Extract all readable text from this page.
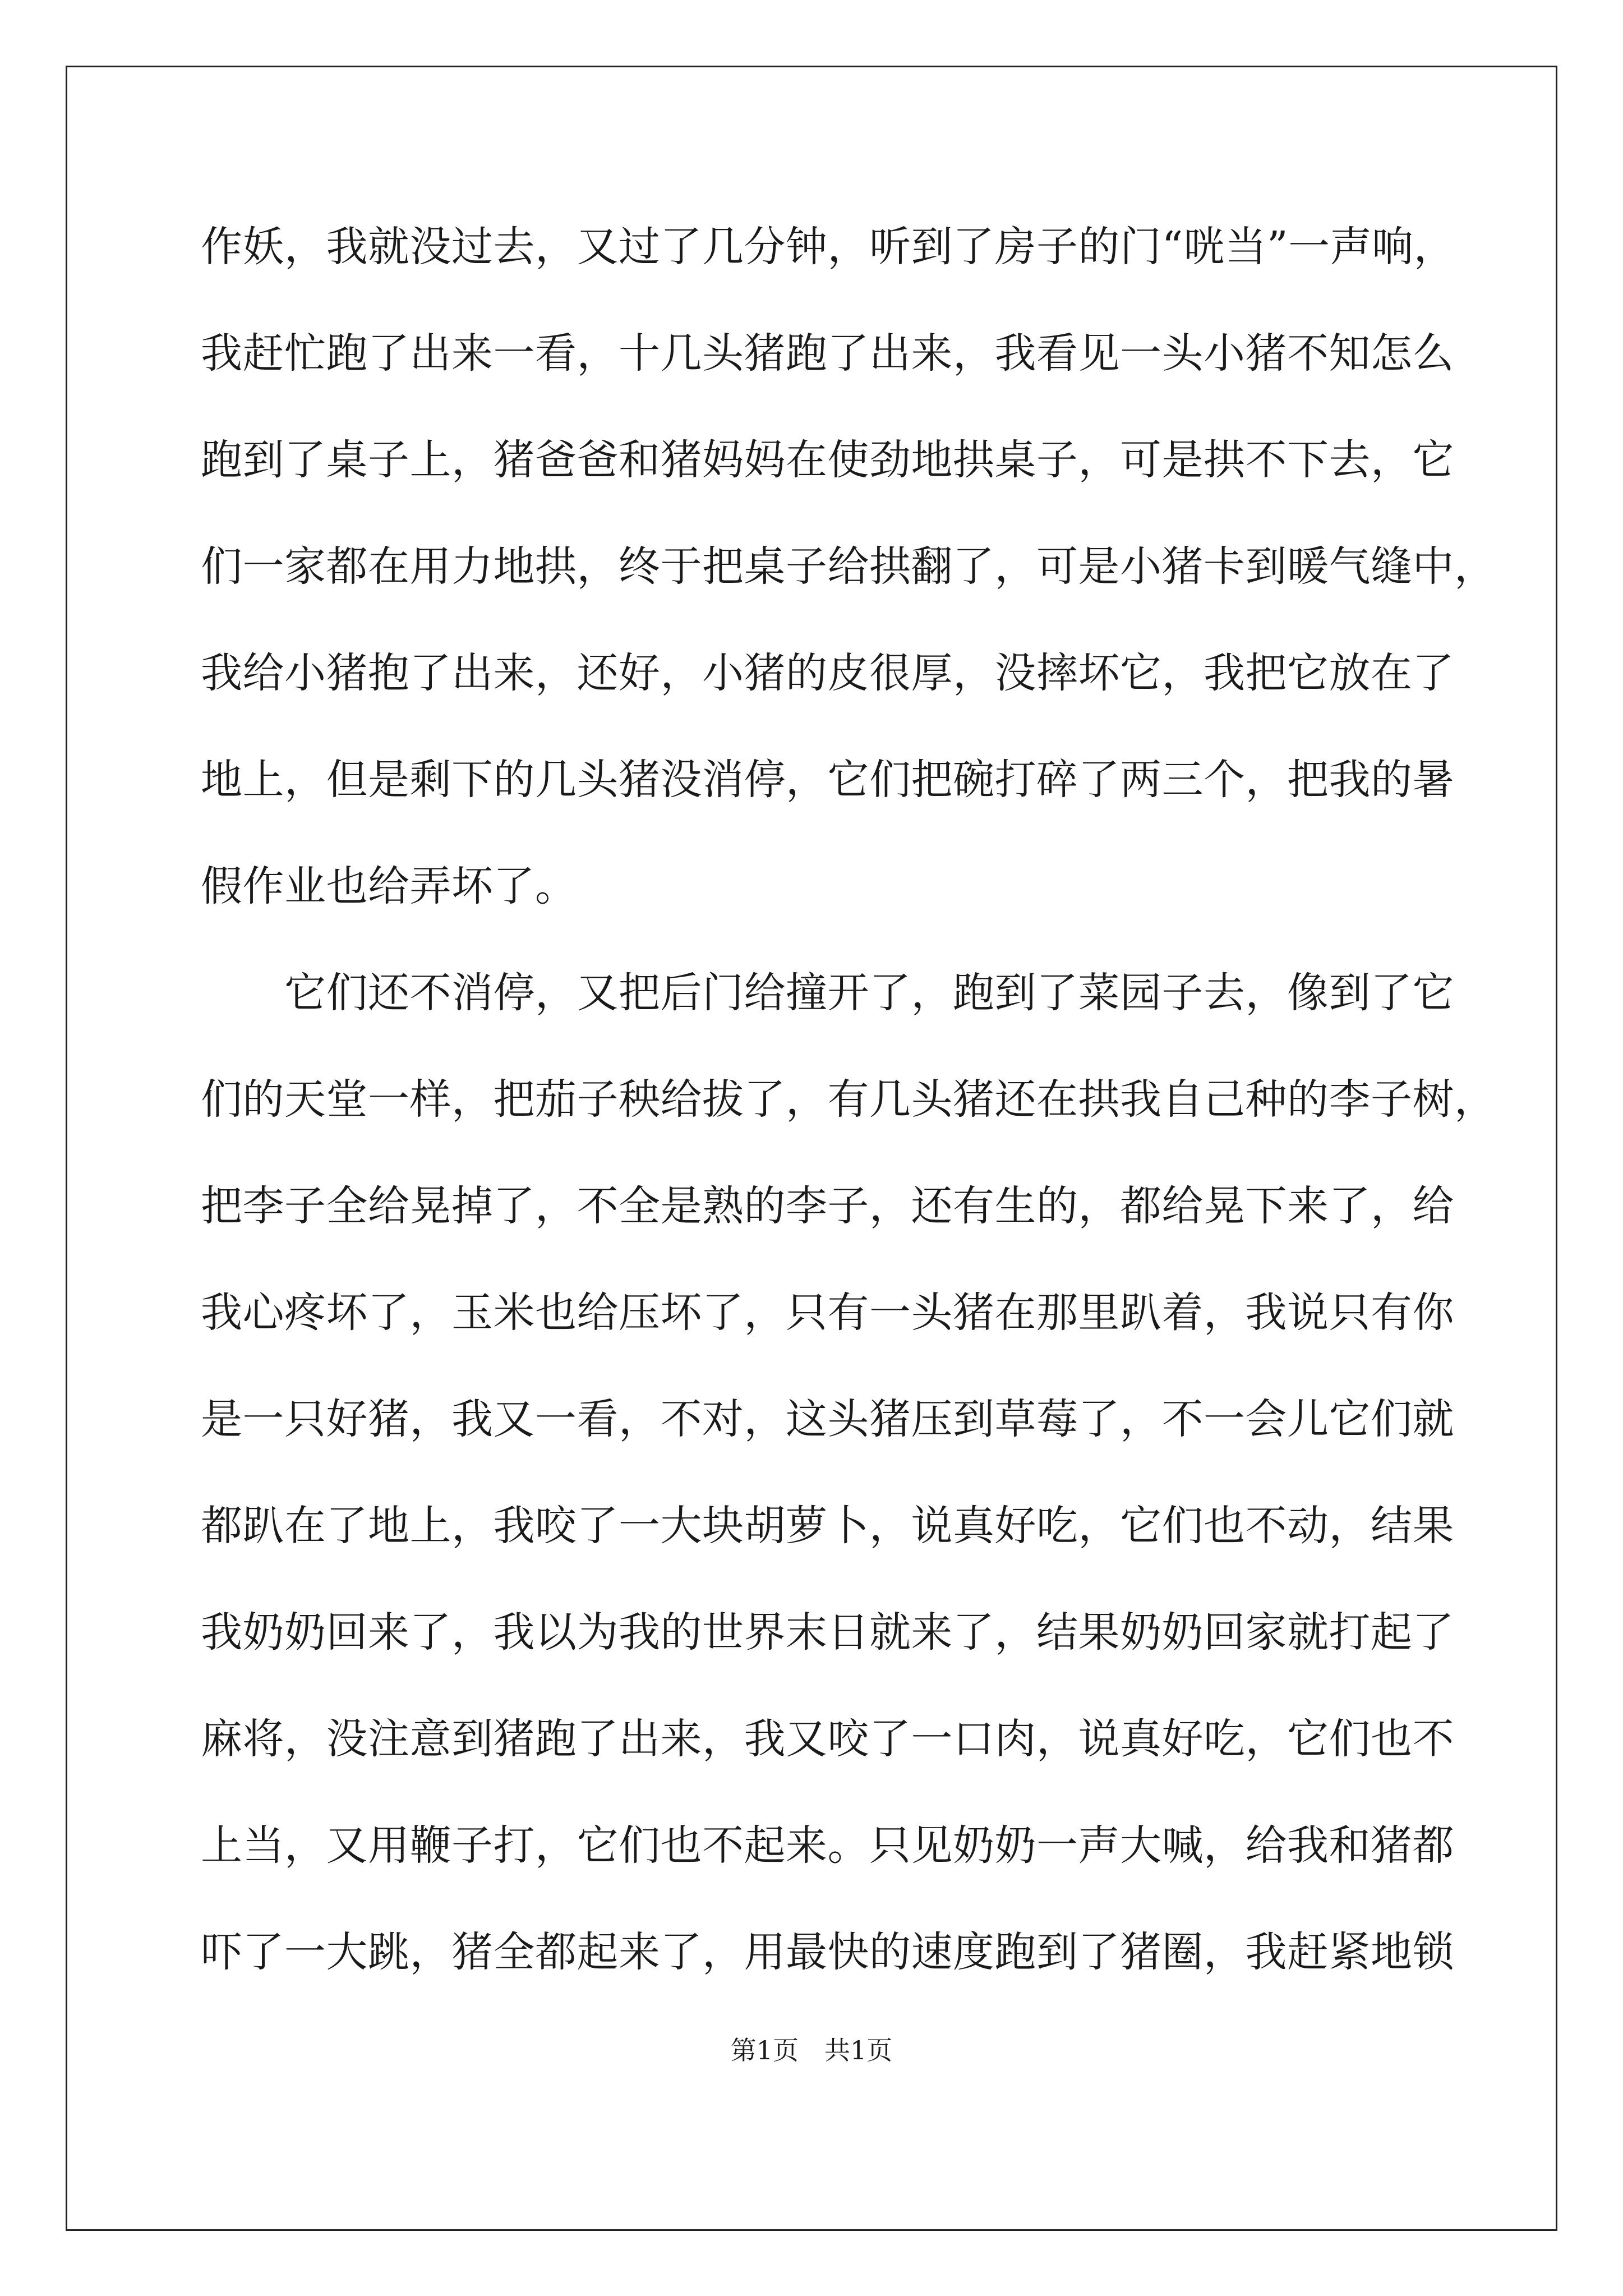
作妖，我就没过去，又过了几分钟，听到了房子的门“咣当”一声响，
我赶忙跑了出来一看，十几头猪跑了出来，我看见一头小猪不知怎么
跑到了桌子上，猪爸爸和猪妈妈在使劲地拱桌子，可是拱不下去，它
们一家都在用力地拱，终于把桌子给拱翻了，可是小猪卡到暖气缝中，
我给小猪抱了出来，还好，小猪的皮很厚，没摔坏它，我把它放在了
地上，但是剩下的几头猪没消停，它们把碗打碎了两三个，把我的暑
假作业也给弄坏了。
　　它们还不消停，又把后门给撞开了，跑到了菜园子去，像到了它
们的天堂一样，把茄子秧给拔了，有几头猪还在拱我自己种的李子树，
把李子全给晃掉了，不全是熟的李子，还有生的，都给晃下来了，给
我心疼坏了，玉米也给压坏了，只有一头猪在那里趴着，我说只有你
是一只好猪，我又一看，不对，这头猪压到草莓了，不一会儿它们就
都趴在了地上，我咬了一大块胡萝卜，说真好吃，它们也不动，结果
我奶奶回来了，我以为我的世界末日就来了，结果奶奶回家就打起了
麻将，没注意到猪跑了出来，我又咬了一口肉，说真好吃，它们也不
上当，又用鞭子打，它们也不起来。只见奶奶一声大喊，给我和猪都
吓了一大跳，猪全都起来了，用最快的速度跑到了猪圈，我赶紧地锁
第1页　共1页
